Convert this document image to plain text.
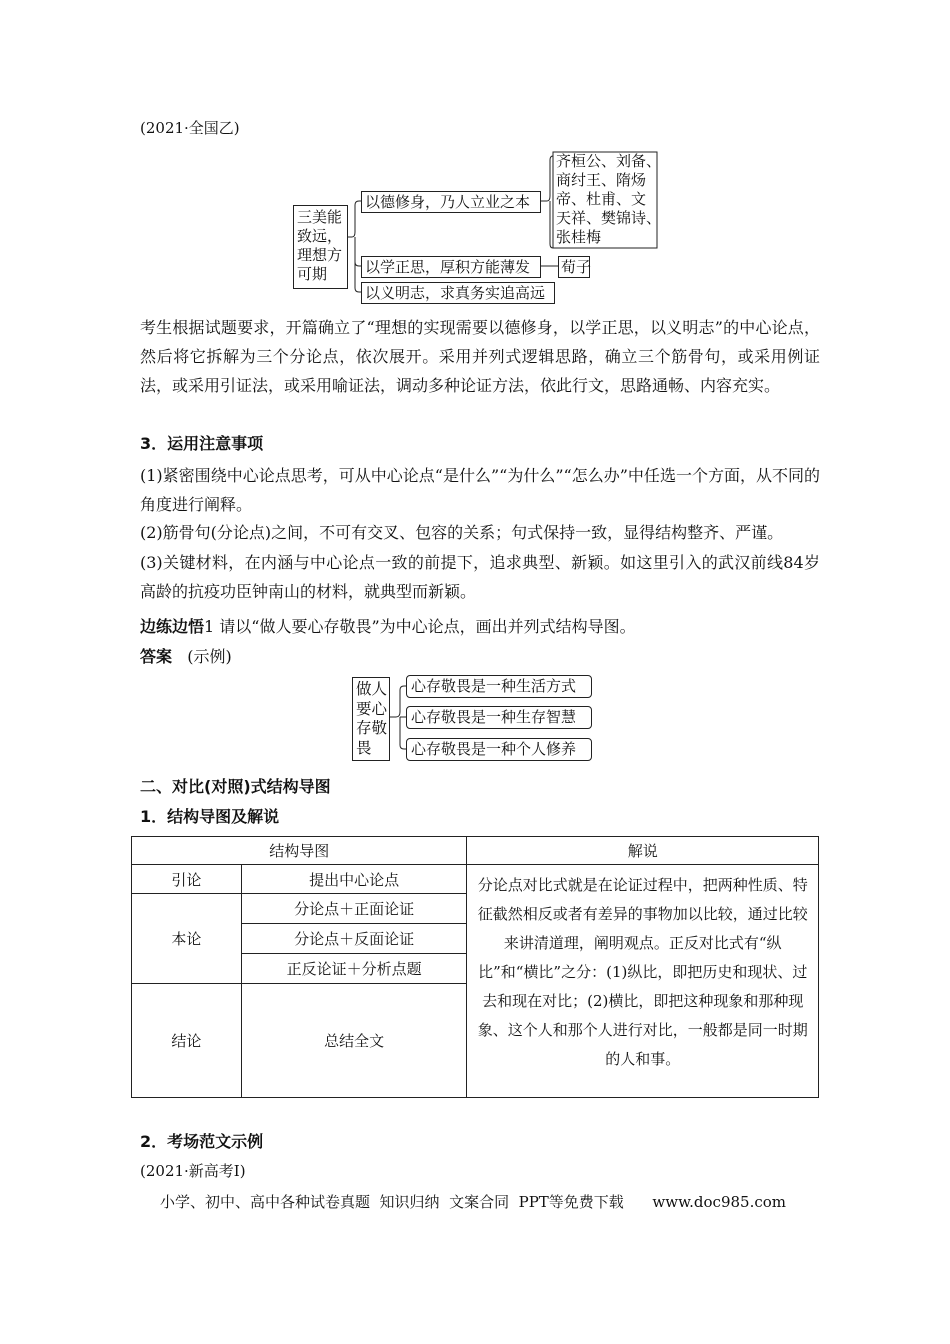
(2021·全国乙)
三美能
致远，
理想方
可期
以德修身，乃人立业之本
以学正思，厚积方能薄发
以义明志，求真务实追高远
齐桓公、刘备、
商纣王、隋炀
帝、杜甫、文
天祥、樊锦诗、
张桂梅
荀子
考生根据试题要求，开篇确立了“理想的实现需要以德修身，以学正思，以义明志”的中心论点，然后将它拆解为三个分论点，依次展开。采用并列式逻辑思路，确立三个筋骨句，或采用例证法，或采用引证法，或采用喻证法，调动多种论证方法，依此行文，思路通畅、内容充实。
3．运用注意事项
(1)紧密围绕中心论点思考，可从中心论点“是什么”“为什么”“怎么办”中任选一个方面，从不同的角度进行阐释。
(2)筋骨句(分论点)之间，不可有交叉、包容的关系；句式保持一致，显得结构整齐、严谨。
(3)关键材料，在内涵与中心论点一致的前提下，追求典型、新颖。如这里引入的武汉前线84岁高龄的抗疫功臣钟南山的材料，就典型而新颖。
边练边悟1 请以“做人要心存敬畏”为中心论点，画出并列式结构导图。
答案 (示例)
做人
要心
存敬
畏
心存敬畏是一种生活方式
心存敬畏是一种生存智慧
心存敬畏是一种个人修养
二、对比(对照)式结构导图
1．结构导图及解说
结构导图		解说
引论	提出中心论点	分论点对比式就是在论证过程中，把两种性质、特征截然相反或者有差异的事物加以比较，通过比较来讲清道理，阐明观点。正反对比式有“纵比”和“横比”之分：(1)纵比，即把历史和现状、过去和现在对比；(2)横比，即把这种现象和那种现象、这个人和那个人进行对比，一般都是同一时期的人和事。
本论	分论点＋正面论证	
	分论点＋反面论证	
	正反论证＋分析点题	
结论	总结全文	
2．考场范文示例
(2021·新高考Ⅰ)
小学、初中、高中各种试卷真题  知识归纳  文案合同  PPT等免费下载      www.doc985.com
